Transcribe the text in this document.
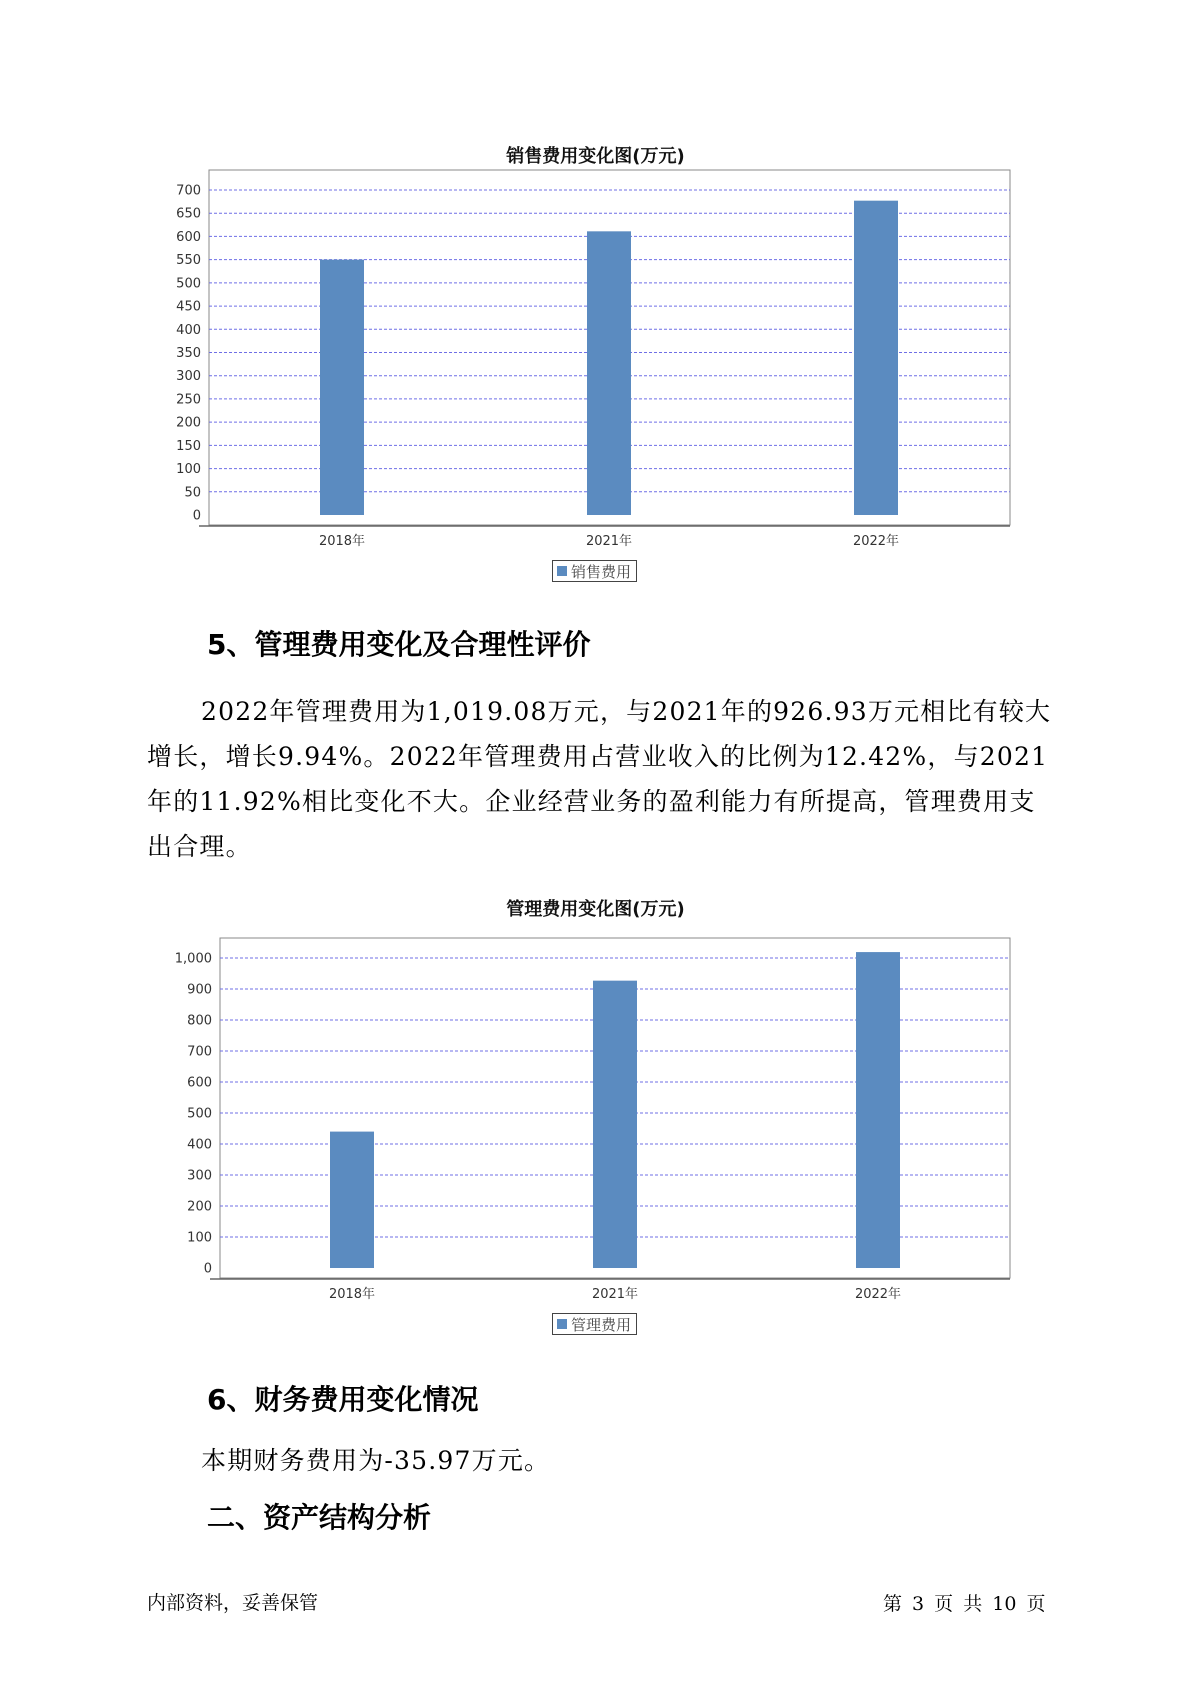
销售费用变化图(万元)
0
50
100
150
200
250
300
350
400
450
500
550
600
650
700
2018年	2021年	2022年
销售费用
5、管理费用变化及合理性评价

2022年管理费用为1,019.08万元，与2021年的926.93万元相比有较大增长，增长9.94%。2022年管理费用占营业收入的比例为12.42%，与2021年的11.92%相比变化不大。企业经营业务的盈利能力有所提高，管理费用支出合理。

管理费用变化图(万元)
0
100
200
300
400
500
600
700
800
900
1,000
2018年	2021年	2022年
管理费用
6、财务费用变化情况

本期财务费用为-35.97万元。

二、资产结构分析
内部资料，妥善保管	第 3 页 共 10 页
